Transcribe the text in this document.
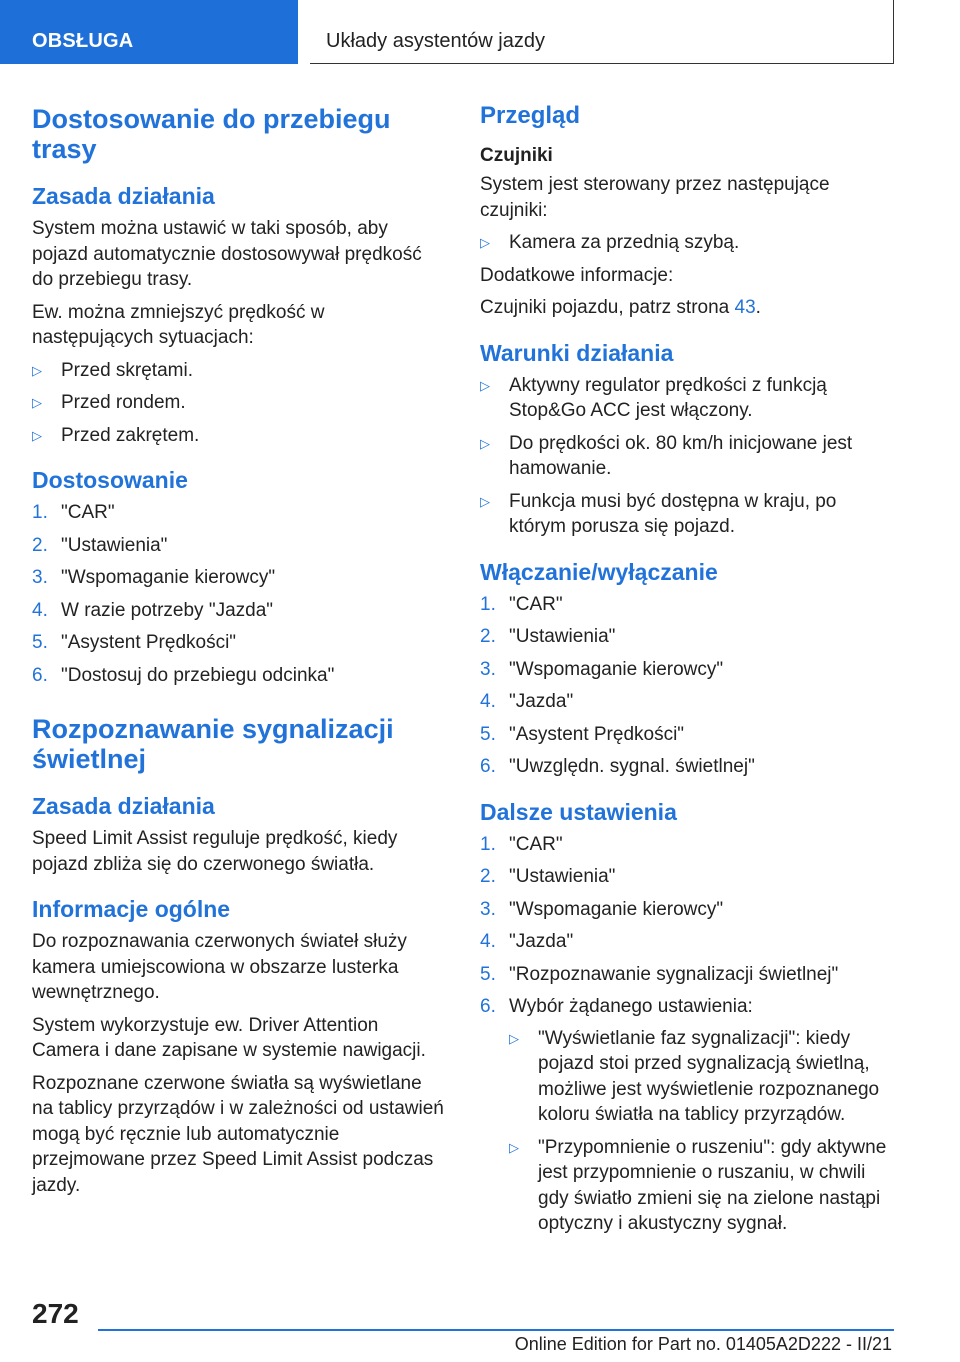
OBSŁUGA	Układy asystentów jazdy
Dostosowanie do przebiegu trasy
Zasada działania

System można ustawić w taki sposób, aby pojazd automatycznie dostosowywał prędkość do przebiegu trasy.

Ew. można zmniejszyć prędkość w następujących sytuacjach:

▷ Przed skrętami.
▷ Przed rondem.
▷ Przed zakrętem.
Dostosowanie
1. "CAR"
2. "Ustawienia"
3. "Wspomaganie kierowcy"
4. W razie potrzeby "Jazda"
5. "Asystent Prędkości"
6. "Dostosuj do przebiegu odcinka"
Rozpoznawanie sygnalizacji świetlnej
Zasada działania

Speed Limit Assist reguluje prędkość, kiedy pojazd zbliża się do czerwonego światła.

Informacje ogólne

Do rozpoznawania czerwonych świateł służy kamera umiejscowiona w obszarze lusterka wewnętrznego.

System wykorzystuje ew. Driver Attention Camera i dane zapisane w systemie nawigacji.

Rozpoznane czerwone światła są wyświetlane na tablicy przyrządów i w zależności od ustawień mogą być ręcznie lub automatycznie przejmowane przez Speed Limit Assist podczas jazdy.

Przegląd
Czujniki

System jest sterowany przez następujące czujniki:

▷ Kamera za przednią szybą.

Dodatkowe informacje:

Czujniki pojazdu, patrz strona 43.

Warunki działania
▷ Aktywny regulator prędkości z funkcją Stop&Go ACC jest włączony.
▷ Do prędkości ok. 80 km/h inicjowane jest hamowanie.
▷ Funkcja musi być dostępna w kraju, po którym porusza się pojazd.
Włączanie/wyłączanie
1. "CAR"
2. "Ustawienia"
3. "Wspomaganie kierowcy"
4. "Jazda"
5. "Asystent Prędkości"
6. "Uwzględn. sygnal. świetlnej"
Dalsze ustawienia
1. "CAR"
2. "Ustawienia"
3. "Wspomaganie kierowcy"
4. "Jazda"
5. "Rozpoznawanie sygnalizacji świetlnej"
6. Wybór żądanego ustawienia:
▷ "Wyświetlanie faz sygnalizacji": kiedy pojazd stoi przed sygnalizacją świetlną, możliwe jest wyświetlenie rozpoznanego koloru światła na tablicy przyrządów.
▷ "Przypomnienie o ruszeniu": gdy aktywne jest przypomnienie o ruszaniu, w chwili gdy światło zmieni się na zielone nastąpi optyczny i akustyczny sygnał.
272
Online Edition for Part no. 01405A2D222 - II/21
